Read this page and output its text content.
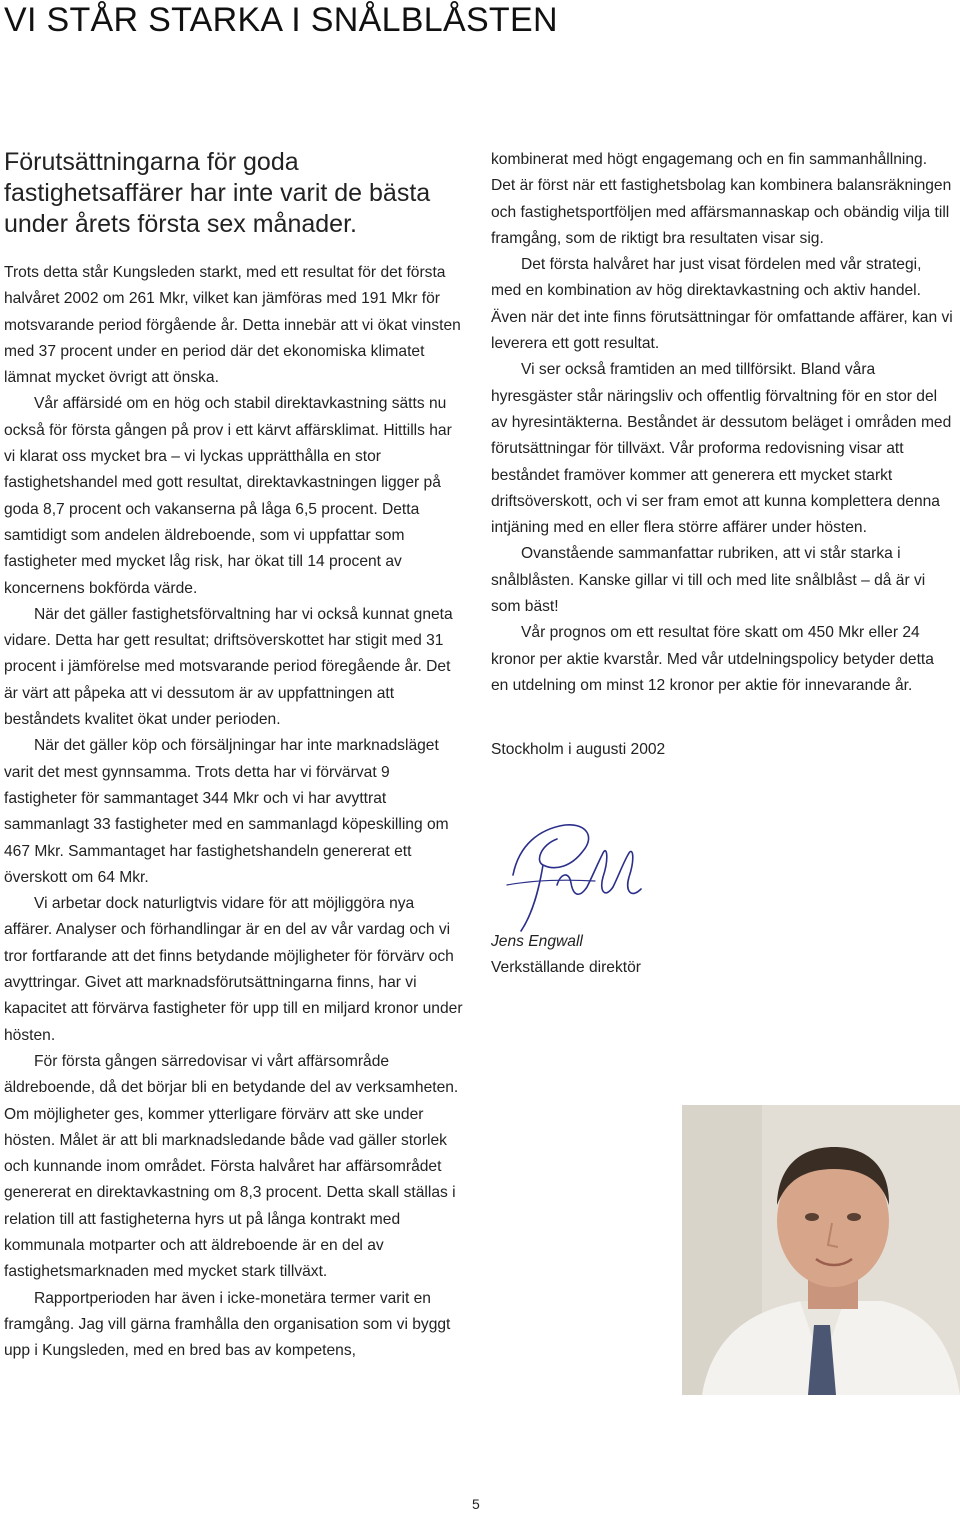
VI STÅR STARKA I SNÅLBLÅSTEN

Förutsättningarna för goda fastighetsaffärer har inte varit de bästa under årets första sex månader.

Trots detta står Kungsleden starkt, med ett resultat för det första halvåret 2002 om 261 Mkr, vilket kan jämföras med 191 Mkr för motsvarande period förgående år. Detta innebär att vi ökat vinsten med 37 procent under en period där det ekonomiska klimatet lämnat mycket övrigt att önska.

Vår affärsidé om en hög och stabil direktavkastning sätts nu också för första gången på prov i ett kärvt affärsklimat. Hittills har vi klarat oss mycket bra – vi lyckas upprätthålla en stor fastighetshandel med gott resultat, direktavkastningen ligger på goda 8,7 procent och vakanserna på låga 6,5 procent. Detta samtidigt som andelen äldreboende, som vi uppfattar som fastigheter med mycket låg risk, har ökat till 14 procent av koncernens bokförda värde.

När det gäller fastighetsförvaltning har vi också kunnat gneta vidare. Detta har gett resultat; driftsöverskottet har stigit med 31 procent i jämförelse med motsvarande period föregående år. Det är värt att påpeka att vi dessutom är av uppfattningen att beståndets kvalitet ökat under perioden.

När det gäller köp och försäljningar har inte marknadsläget varit det mest gynnsamma. Trots detta har vi förvärvat 9 fastigheter för sammantaget 344 Mkr och vi har avyttrat sammanlagt 33 fastigheter med en sammanlagd köpeskilling om 467 Mkr. Sammantaget har fastighetshandeln genererat ett överskott om 64 Mkr.

Vi arbetar dock naturligtvis vidare för att möjliggöra nya affärer. Analyser och förhandlingar är en del av vår vardag och vi tror fortfarande att det finns betydande möjligheter för förvärv och avyttringar. Givet att marknadsförutsättningarna finns, har vi kapacitet att förvärva fastigheter för upp till en miljard kronor under hösten.

För första gången särredovisar vi vårt affärsområde äldreboende, då det börjar bli en betydande del av verksamheten. Om möjligheter ges, kommer ytterligare förvärv att ske under hösten. Målet är att bli marknadsledande både vad gäller storlek och kunnande inom området. Första halvåret har affärsområdet genererat en direktavkastning om 8,3 procent. Detta skall ställas i relation till att fastigheterna hyrs ut på långa kontrakt med kommunala motparter och att äldreboende är en del av fastighetsmarknaden med mycket stark tillväxt.

Rapportperioden har även i icke-monetära termer varit en framgång. Jag vill gärna framhålla den organisation som vi byggt upp i Kungsleden, med en bred bas av kompetens,

kombinerat med högt engagemang och en fin sammanhållning. Det är först när ett fastighetsbolag kan kombinera balansräkningen och fastighetsportföljen med affärsmannaskap och obändig vilja till framgång, som de riktigt bra resultaten visar sig.

Det första halvåret har just visat fördelen med vår strategi, med en kombination av hög direktavkastning och aktiv handel. Även när det inte finns förutsättningar för omfattande affärer, kan vi leverera ett gott resultat.

Vi ser också framtiden an med tillförsikt. Bland våra hyresgäster står näringsliv och offentlig förvaltning för en stor del av hyresintäkterna. Beståndet är dessutom beläget i områden med förutsättningar för tillväxt. Vår proforma redovisning visar att beståndet framöver kommer att generera ett mycket starkt driftsöverskott, och vi ser fram emot att kunna komplettera denna intjäning med en eller flera större affärer under hösten.

Ovanstående sammanfattar rubriken, att vi står starka i snålblåsten. Kanske gillar vi till och med lite snålblåst – då är vi som bäst!

Vår prognos om ett resultat före skatt om 450 Mkr eller 24 kronor per aktie kvarstår. Med vår utdelningspolicy betyder detta en utdelning om minst 12 kronor per aktie för innevarande år.

Stockholm i augusti 2002

Jens Engwall

Verkställande direktör

5
